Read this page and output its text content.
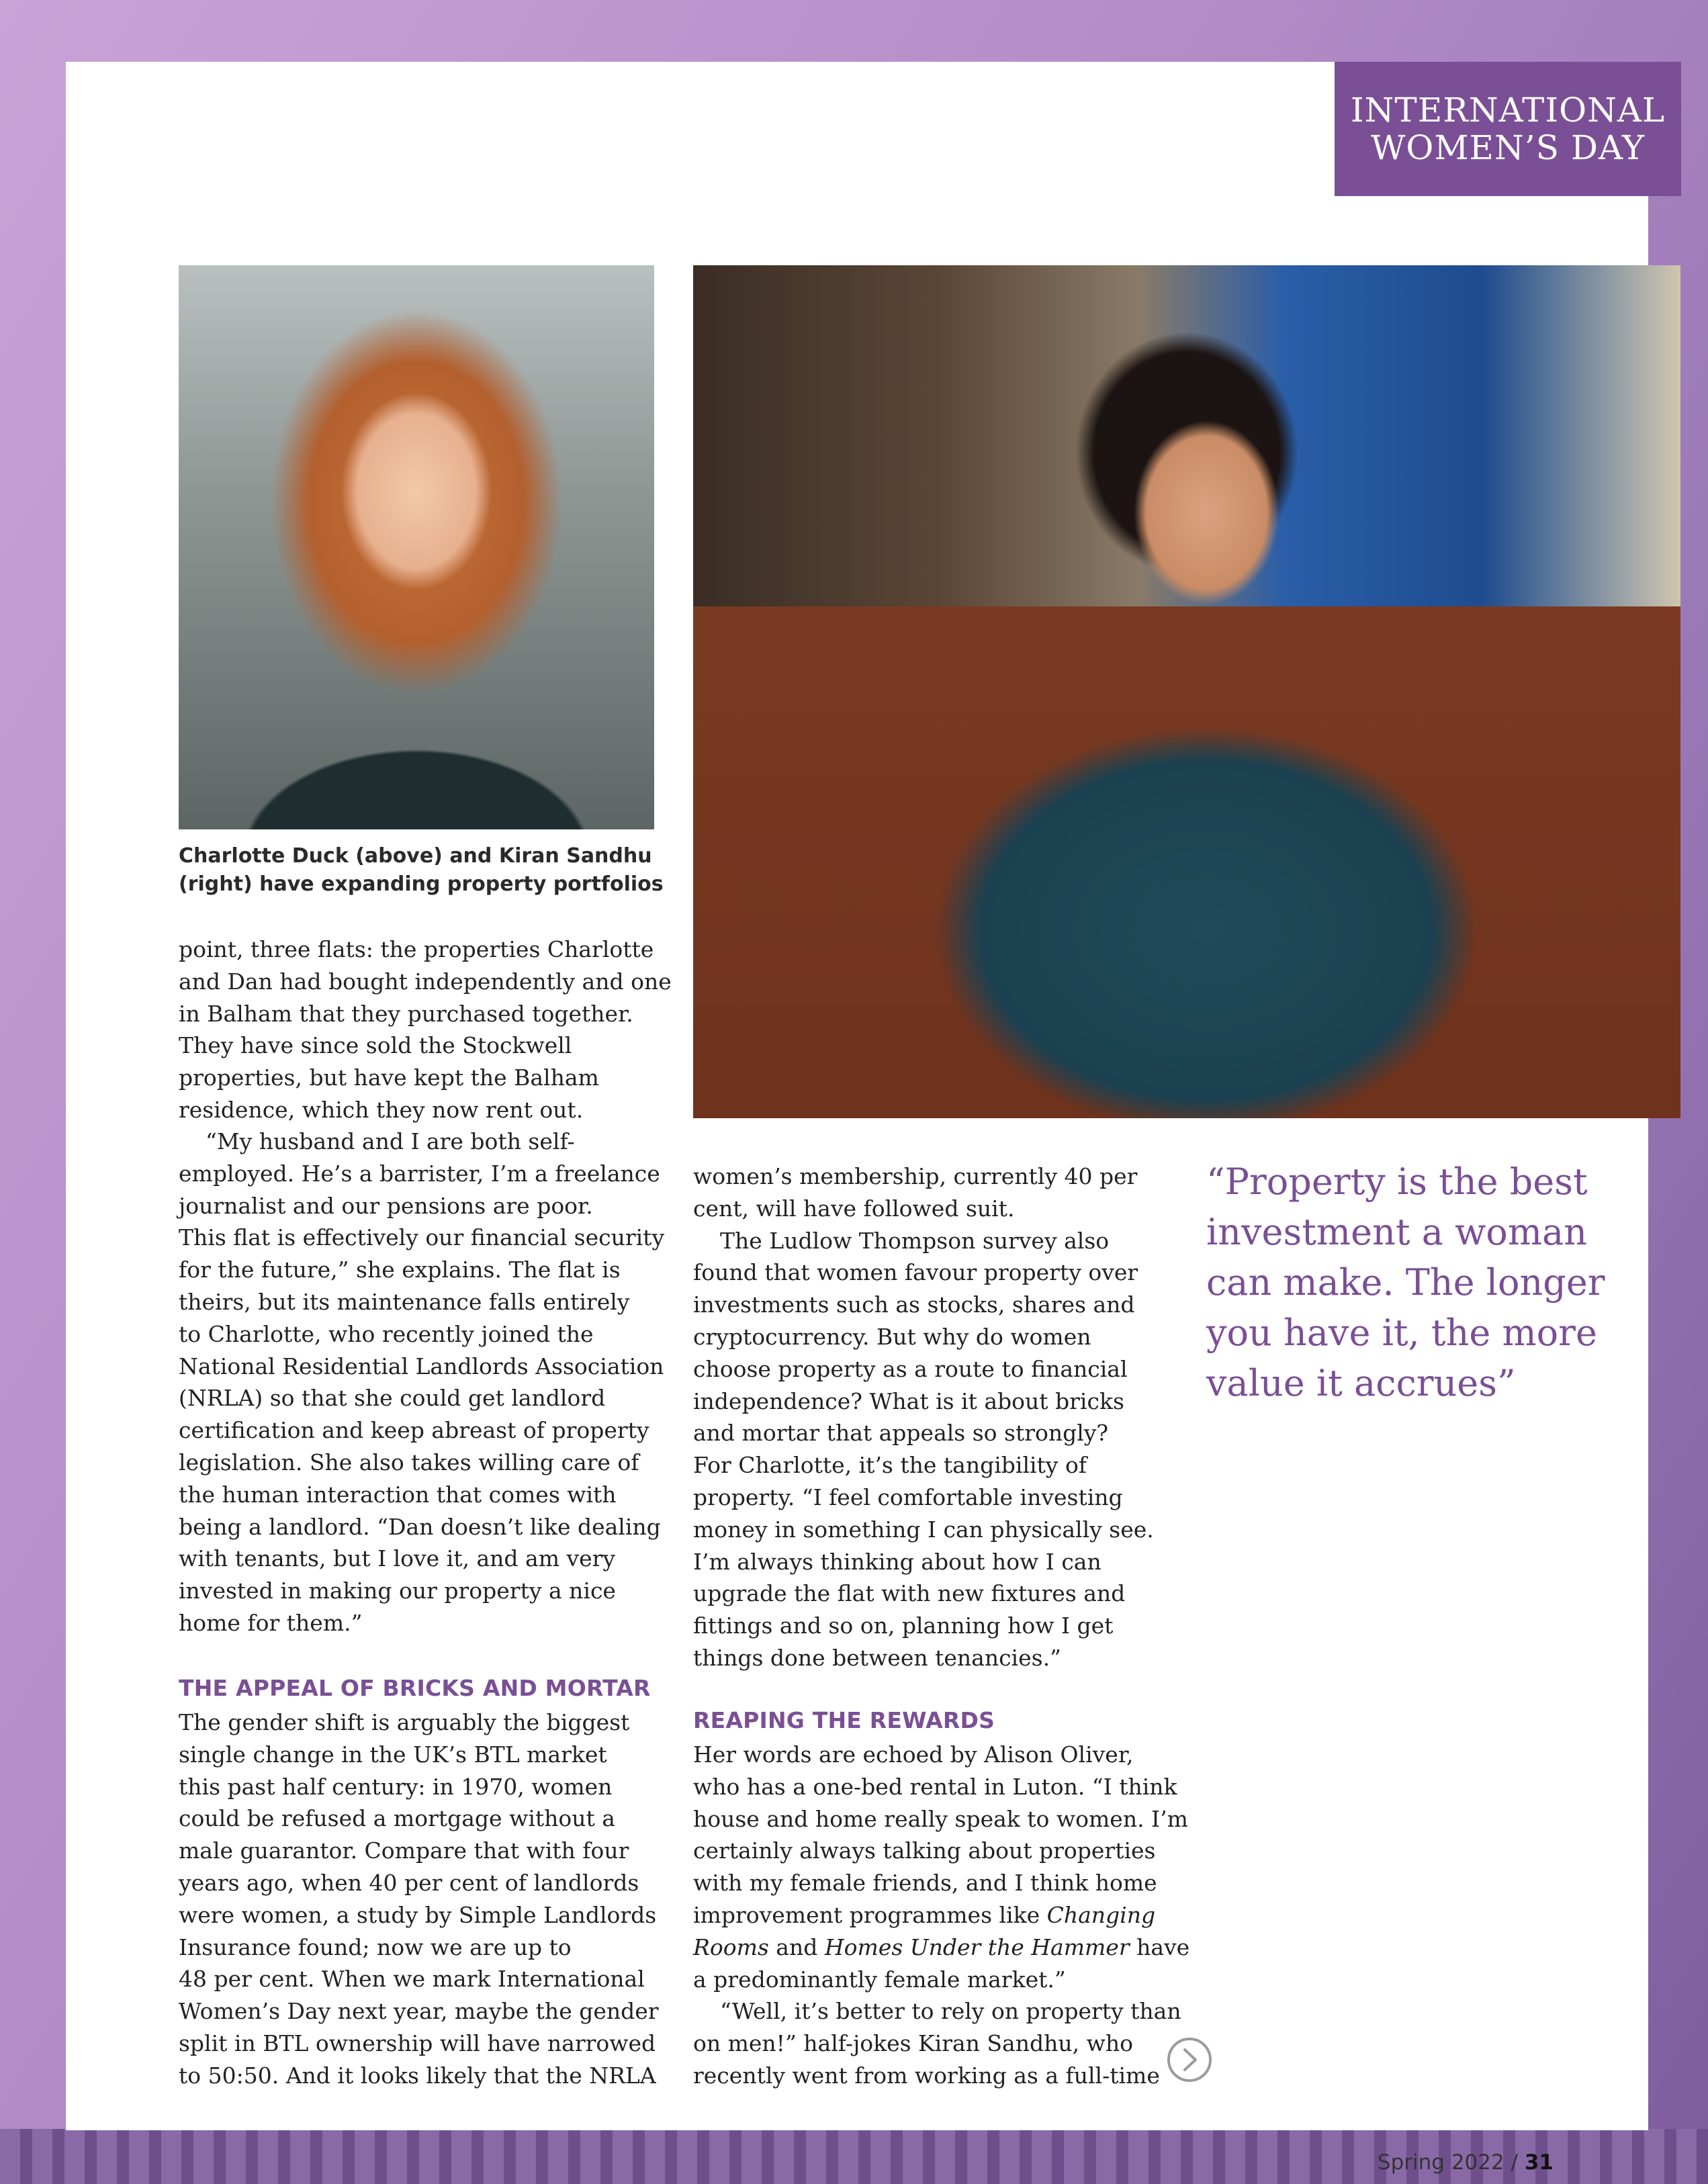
INTERNATIONAL
WOMEN’S DAY
Charlotte Duck (above) and Kiran Sandhu
(right) have expanding property portfolios
point, three flats: the properties Charlotte
and Dan had bought independently and one
in Balham that they purchased together.
They have since sold the Stockwell
properties, but have kept the Balham
residence, which they now rent out.
“My husband and I are both self-
employed. He’s a barrister, I’m a freelance
journalist and our pensions are poor.
This flat is effectively our financial security
for the future,” she explains. The flat is
theirs, but its maintenance falls entirely
to Charlotte, who recently joined the
National Residential Landlords Association
(NRLA) so that she could get landlord
certification and keep abreast of property
legislation. She also takes willing care of
the human interaction that comes with
being a landlord. “Dan doesn’t like dealing
with tenants, but I love it, and am very
invested in making our property a nice
home for them.”
THE APPEAL OF BRICKS AND MORTAR
The gender shift is arguably the biggest
single change in the UK’s BTL market
this past half century: in 1970, women
could be refused a mortgage without a
male guarantor. Compare that with four
years ago, when 40 per cent of landlords
were women, a study by Simple Landlords
Insurance found; now we are up to
48 per cent. When we mark International
Women’s Day next year, maybe the gender
split in BTL ownership will have narrowed
to 50:50. And it looks likely that the NRLA
women’s membership, currently 40 per
cent, will have followed suit.
The Ludlow Thompson survey also
found that women favour property over
investments such as stocks, shares and
cryptocurrency. But why do women
choose property as a route to financial
independence? What is it about bricks
and mortar that appeals so strongly?
For Charlotte, it’s the tangibility of
property. “I feel comfortable investing
money in something I can physically see.
I’m always thinking about how I can
upgrade the flat with new fixtures and
fittings and so on, planning how I get
things done between tenancies.”
REAPING THE REWARDS
Her words are echoed by Alison Oliver,
who has a one-bed rental in Luton. “I think
house and home really speak to women. I’m
certainly always talking about properties
with my female friends, and I think home
improvement programmes like Changing
Rooms and Homes Under the Hammer have
a predominantly female market.”
“Well, it’s better to rely on property than
on men!” half-jokes Kiran Sandhu, who
recently went from working as a full-time
“Property is the best
investment a woman
can make. The longer
you have it, the more
value it accrues”
Spring 2022 / 31
